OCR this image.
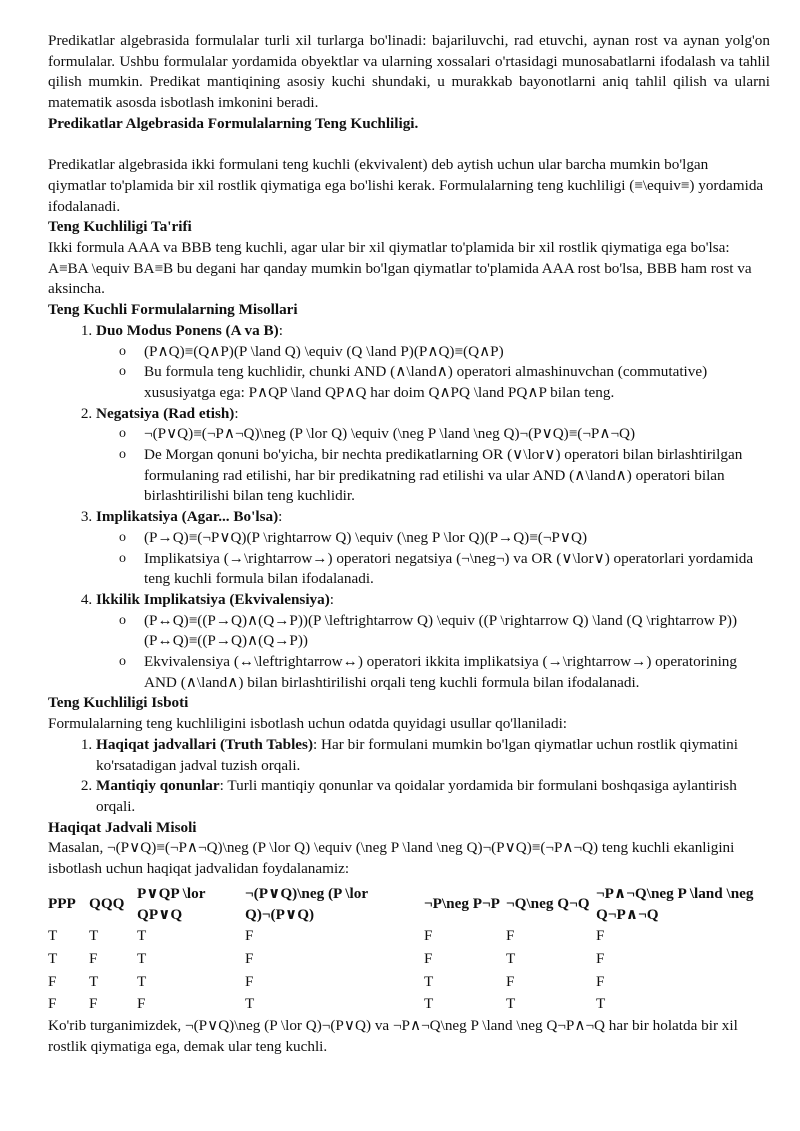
Predikatlar algebrasida formulalar turli xil turlarga bo'linadi: bajariluvchi, rad etuvchi, aynan rost va aynan yolg'on formulalar. Ushbu formulalar yordamida obyektlar va ularning xossalari o'rtasidagi munosabatlarni ifodalash va tahlil qilish mumkin. Predikat mantiqining asosiy kuchi shundaki, u murakkab bayonotlarni aniq tahlil qilish va ularni matematik asosda isbotlash imkonini beradi.

Predikatlar Algebrasida Formulalarning Teng Kuchliligi.

Predikatlar algebrasida ikki formulani teng kuchli (ekvivalent) deb aytish uchun ular barcha mumkin bo'lgan qiymatlar to'plamida bir xil rostlik qiymatiga ega bo'lishi kerak. Formulalarning teng kuchliligi (≡\equiv≡) yordamida ifodalanadi.

Teng Kuchliligi Ta'rifi

Ikki formula AAA va BBB teng kuchli, agar ular bir xil qiymatlar to'plamida bir xil rostlik qiymatiga ega bo'lsa: A≡BA \equiv BA≡B bu degani har qanday mumkin bo'lgan qiymatlar to'plamida AAA rost bo'lsa, BBB ham rost va aksincha.

Teng Kuchli Formulalarning Misollari

1. Duo Modus Ponens (A va B):
o (P∧Q)≡(Q∧P)(P \land Q) \equiv (Q \land P)(P∧Q)≡(Q∧P)
o Bu formula teng kuchlidir, chunki AND (∧\land∧) operatori almashinuvchan (commutative) xususiyatga ega: P∧QP \land QP∧Q har doim Q∧PQ \land PQ∧P bilan teng.
2. Negatsiya (Rad etish):
o ¬(P∨Q)≡(¬P∧¬Q)\neg (P \lor Q) \equiv (\neg P \land \neg Q)¬(P∨Q)≡(¬P∧¬Q)
o De Morgan qonuni bo'yicha, bir nechta predikatlarning OR (∨\lor∨) operatori bilan birlashtirilgan formulaning rad etilishi, har bir predikatning rad etilishi va ular AND (∧\land∧) operatori bilan birlashtirilishi bilan teng kuchlidir.
3. Implikatsiya (Agar... Bo'lsa):
o (P→Q)≡(¬P∨Q)(P \rightarrow Q) \equiv (\neg P \lor Q)(P→Q)≡(¬P∨Q)
o Implikatsiya (→\rightarrow→) operatori negatsiya (¬\neg¬) va OR (∨\lor∨) operatorlari yordamida teng kuchli formula bilan ifodalanadi.
4. Ikkilik Implikatsiya (Ekvivalensiya):
o (P↔Q)≡((P→Q)∧(Q→P))(P \leftrightarrow Q) \equiv ((P \rightarrow Q) \land (Q \rightarrow P))(P↔Q)≡((P→Q)∧(Q→P))
o Ekvivalensiya (↔\leftrightarrow↔) operatori ikkita implikatsiya (→\rightarrow→) operatorining AND (∧\land∧) bilan birlashtirilishi orqali teng kuchli formula bilan ifodalanadi.

Teng Kuchliligi Isboti

Formulalarning teng kuchliligini isbotlash uchun odatda quyidagi usullar qo'llaniladi:

1. Haqiqat jadvallari (Truth Tables): Har bir formulani mumkin bo'lgan qiymatlar uchun rostlik qiymatini ko'rsatadigan jadval tuzish orqali.
2. Mantiqiy qonunlar: Turli mantiqiy qonunlar va qoidalar yordamida bir formulani boshqasiga aylantirish orqali.

Haqiqat Jadvali Misoli

Masalan, ¬(P∨Q)≡(¬P∧¬Q)\neg (P \lor Q) \equiv (\neg P \land \neg Q)¬(P∨Q)≡(¬P∧¬Q) teng kuchli ekanligini isbotlash uchun haqiqat jadvalidan foydalanamiz:

PPP	QQQ	P∨QP \lor QP∨Q	¬(P∨Q)\neg (P \lor Q)¬(P∨Q)	¬P\neg P¬P	¬Q\neg Q¬Q	¬P∧¬Q\neg P \land \neg Q¬P∧¬Q
T	T	T	F	F	F	F
T	F	T	F	F	T	F
F	T	T	F	T	F	F
F	F	F	T	T	T	T

Ko'rib turganimizdek, ¬(P∨Q)\neg (P \lor Q)¬(P∨Q) va ¬P∧¬Q\neg P \land \neg Q¬P∧¬Q har bir holatda bir xil rostlik qiymatiga ega, demak ular teng kuchli.
